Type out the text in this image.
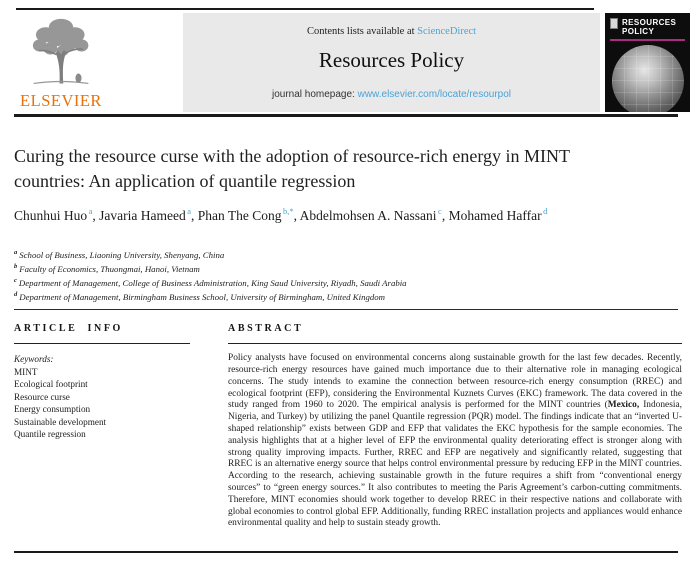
ELSEVIER
Contents lists available at ScienceDirect
Resources Policy
journal homepage: www.elsevier.com/locate/resourpol
RESOURCES
POLICY
Curing the resource curse with the adoption of resource-rich energy in MINT countries: An application of quantile regression
Chunhui Huo $^a$, Javaria Hameed $^a$, Phan The Cong $^{b,*}$, Abdelmohsen A. Nassani $^c$, Mohamed Haffar $^d$
$^a$ School of Business, Liaoning University, Shenyang, China
$^b$ Faculty of Economics, Thuongmai, Hanoi, Vietnam
$^c$ Department of Management, College of Business Administration, King Saud University, Riyadh, Saudi Arabia
$^d$ Department of Management, Birmingham Business School, University of Birmingham, United Kingdom
ARTICLE INFO
Keywords:
MINT
Ecological footprint
Resource curse
Energy consumption
Sustainable development
Quantile regression
ABSTRACT

Policy analysts have focused on environmental concerns along sustainable growth for the last few decades. Recently, resource-rich energy resources have gained much importance due to their alternative role in managing ecological concerns. The study intends to examine the connection between resource-rich energy consumption (RREC) and ecological footprint (EFP), considering the Environmental Kuznets Curves (EKC) framework. The data covered in the study ranged from 1960 to 2020. The empirical analysis is performed for the MINT countries (Mexico, Indonesia, Nigeria, and Turkey) by utilizing the panel Quantile regression (PQR) model. The findings indicate that an “inverted U-shaped relationship” exists between GDP and EFP that validates the EKC hypothesis for the sample economies. The analysis highlights that at a higher level of EFP the environmental quality deteriorating effect is stronger along with strong quality improving impacts. Further, RREC and EFP are negatively and significantly related, suggesting that RREC is an alternative energy source that helps control environmental pressure by reducing EFP in the MINT countries. According to the research, achieving sustainable growth in the future requires a shift from “conventional energy sources” to “green energy sources.” It also contributes to meeting the Paris Agreement’s carbon-cutting commitments. Therefore, MINT economies should work together to develop RREC in their respective nations and collaborate with global economies to control global EFP. Additionally, funding RREC installation projects and appliances would enhance environmental quality and help to sustain steady growth.
